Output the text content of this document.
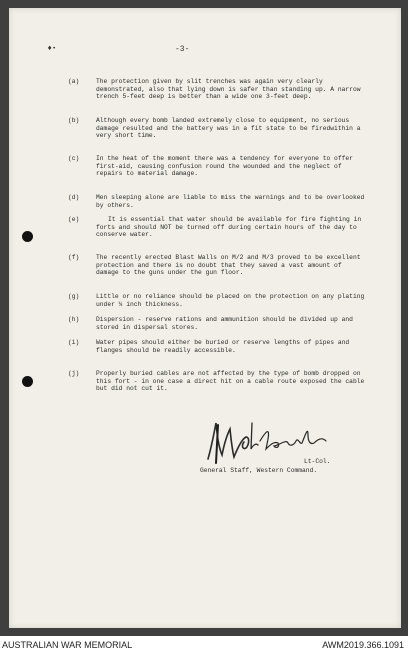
♦•	-3-
(a)	The protection given by slit trenches was again very clearly demonstrated, also that lying down is safer than standing up. A narrow trench 5-feet deep is better than a wide one 3-feet deep.
(b)	Although every bomb landed extremely close to equipment, no serious damage resulted and the battery was in a fit state to be firedwithin a very short time.
(c)	In the heat of the moment there was a tendency for everyone to offer first-aid, causing confusion round the wounded and the neglect of repairs to material damage.
(d)	Men sleeping alone are liable to miss the warnings and to be overlooked by others.
(e)	It is essential that water should be available for fire fighting in forts and should NOT be turned off during certain hours of the day to conserve water.
(f)	The recently erected Blast Walls on M/2 and M/3 proved to be excellent protection and there is no doubt that they saved a vast amount of damage to the guns under the gun floor.
(g)	Little or no reliance should be placed on the protection on any plating under ¼ inch thickness.
(h)	Dispersion - reserve rations and ammunition should be divided up and stored in dispersal stores.
(i)	Water pipes should either be buried or reserve lengths of pipes and flanges should be readily accessible.
(j)	Properly buried cables are not affected by the type of bomb dropped on this fort - in one case a direct hit on a cable route exposed the cable but did not cut it.
Lt-Col.
General Staff, Western Command.
AUSTRALIAN WAR MEMORIAL	AWM2019.366.1091
